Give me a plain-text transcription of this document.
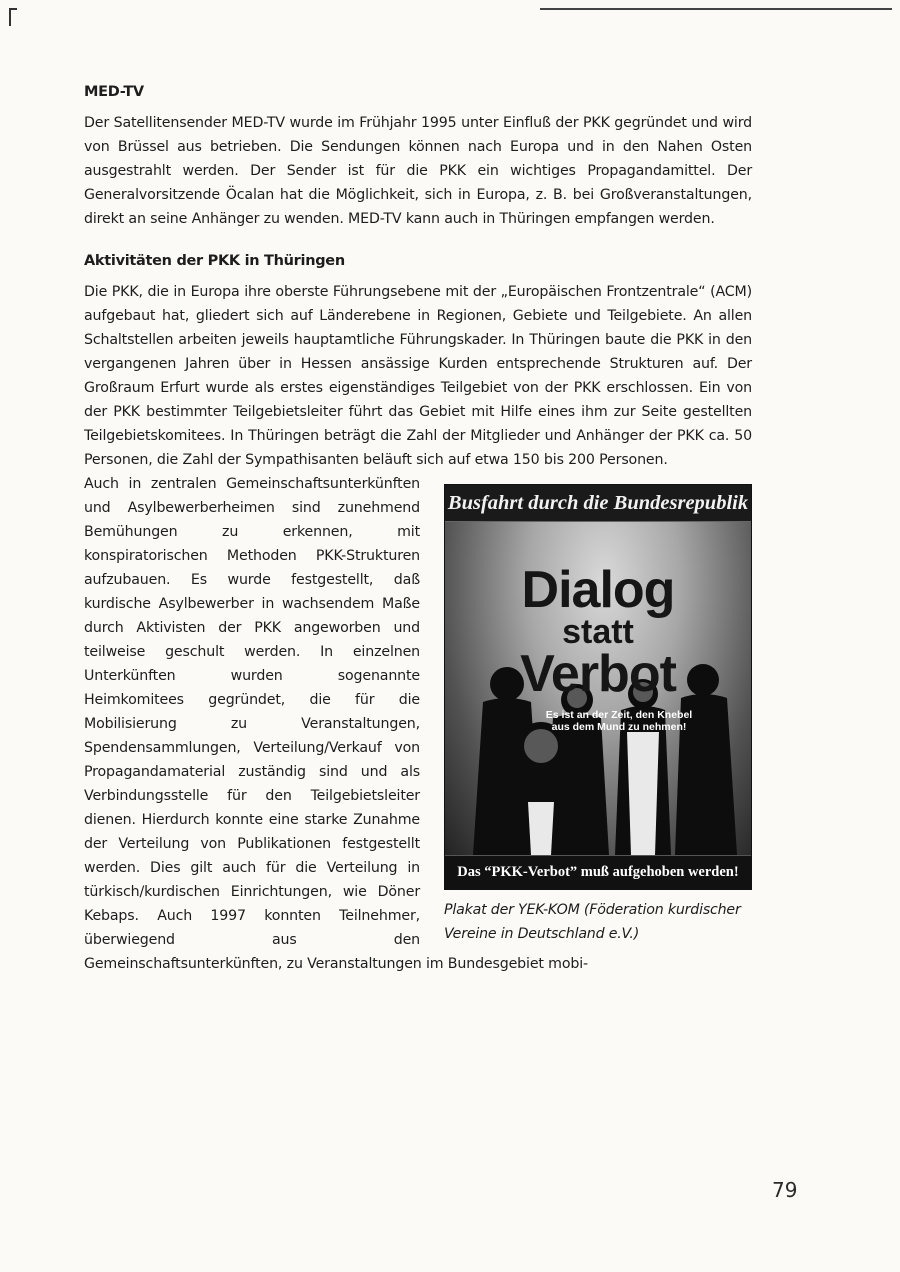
MED-TV

Der Satellitensender MED-TV wurde im Frühjahr 1995 unter Einfluß der PKK gegründet und wird von Brüssel aus betrieben. Die Sendungen können nach Europa und in den Nahen Osten ausgestrahlt werden. Der Sender ist für die PKK ein wichtiges Propagandamittel. Der Generalvorsitzende Öcalan hat die Möglichkeit, sich in Europa, z. B. bei Großveranstaltungen, direkt an seine Anhänger zu wenden. MED-TV kann auch in Thüringen empfangen werden.

Aktivitäten der PKK in Thüringen

Die PKK, die in Europa ihre oberste Führungsebene mit der „Europäischen Frontzentrale“ (ACM) aufgebaut hat, gliedert sich auf Länderebene in Regionen, Gebiete und Teilgebiete. An allen Schaltstellen arbeiten jeweils hauptamtliche Führungskader. In Thüringen baute die PKK in den vergangenen Jahren über in Hessen ansässige Kurden entsprechende Strukturen auf. Der Großraum Erfurt wurde als erstes eigenständiges Teilgebiet von der PKK erschlossen. Ein von der PKK bestimmter Teilgebietsleiter führt das Gebiet mit Hilfe eines ihm zur Seite gestellten Teilgebietskomitees. In Thüringen beträgt die Zahl der Mitglieder und Anhänger der PKK ca. 50 Personen, die Zahl der Sympathisanten beläuft sich auf etwa 150 bis 200 Personen.

Busfahrt durch die Bundesrepublik
Dialog
statt
Verbot
Es ist an der Zeit, den Knebel
aus dem Mund zu nehmen!
Das “PKK-Verbot” muß aufgehoben werden!
Plakat der YEK-KOM (Föderation kurdischer Vereine in Deutschland e.V.)

Auch in zentralen Gemeinschaftsunterkünften und Asylbewerberheimen sind zunehmend Bemühungen zu erkennen, mit konspiratorischen Methoden PKK-Strukturen aufzubauen. Es wurde festgestellt, daß kurdische Asylbewerber in wachsendem Maße durch Aktivisten der PKK angeworben und teilweise geschult werden. In einzelnen Unterkünften wurden sogenannte Heimkomitees gegründet, die für die Mobilisierung zu Veranstaltungen, Spendensammlungen, Verteilung/Verkauf von Propagandamaterial zuständig sind und als Verbindungsstelle für den Teilgebietsleiter dienen. Hierdurch konnte eine starke Zunahme der Verteilung von Publikationen festgestellt werden. Dies gilt auch für die Verteilung in türkisch/kurdischen Einrichtungen, wie Döner Kebaps. Auch 1997 konnten Teilnehmer, überwiegend aus den Gemeinschaftsunterkünften, zu Veranstaltungen im Bundesgebiet mobi-

79
